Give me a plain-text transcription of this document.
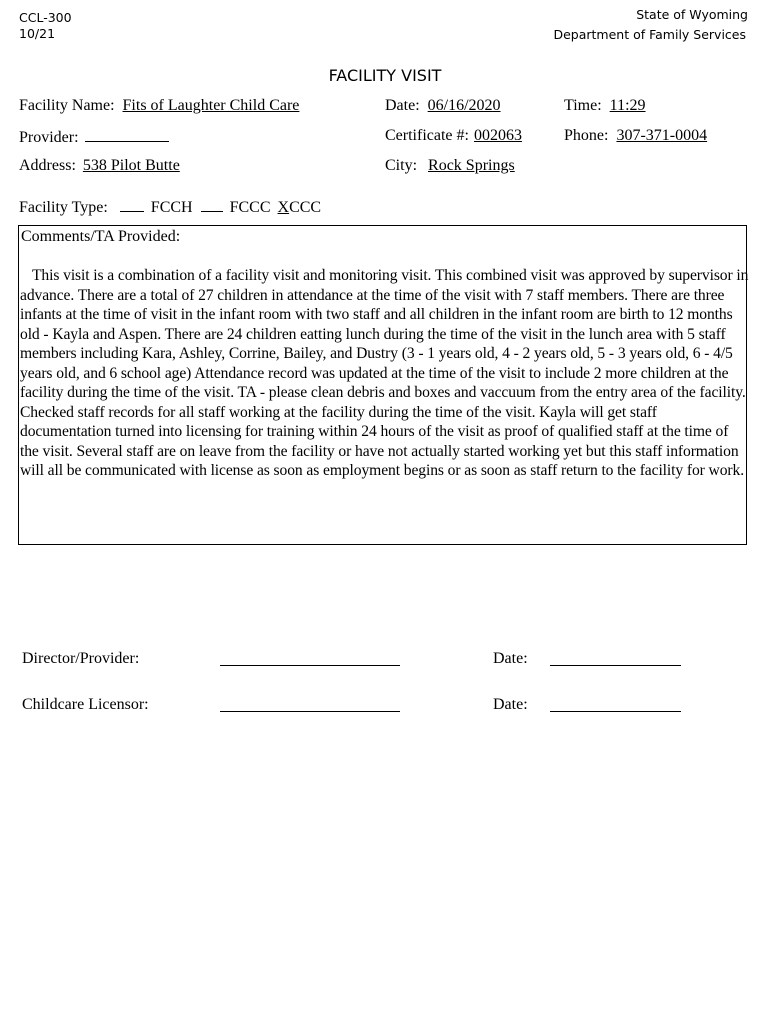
CCL-300
10/21
State of Wyoming
Department of Family Services
FACILITY VISIT
Facility Name: Fits of Laughter Child Care	Date: 06/16/2020	Time: 11:29
Provider:	Certificate #: 002063	Phone: 307-371-0004
Address: 538 Pilot Butte	City: Rock Springs
Facility Type:	FCCH FCCC XCCC
Comments/TA Provided:
This visit is a combination of a facility visit and monitoring visit. This combined visit was approved by supervisor in advance. There are a total of 27 children in attendance at the time of the visit with 7 staff members. There are three infants at the time of visit in the infant room with two staff and all children in the infant room are birth to 12 months old - Kayla and Aspen. There are 24 children eatting lunch during the time of the visit in the lunch area with 5 staff members including Kara, Ashley, Corrine, Bailey, and Dustry (3 - 1 years old, 4 - 2 years old, 5 - 3 years old, 6 - 4/5 years old, and 6 school age) Attendance record was updated at the time of the visit to include 2 more children at the facility during the time of the visit. TA - please clean debris and boxes and vaccuum from the entry area of the facility. Checked staff records for all staff working at the facility during the time of the visit. Kayla will get staff documentation turned into licensing for training within 24 hours of the visit as proof of qualified staff at the time of the visit. Several staff are on leave from the facility or have not actually started working yet but this staff information will all be communicated with license as soon as employment begins or as soon as staff return to the facility for work.
Director/Provider:	Date:
Childcare Licensor:	Date:
